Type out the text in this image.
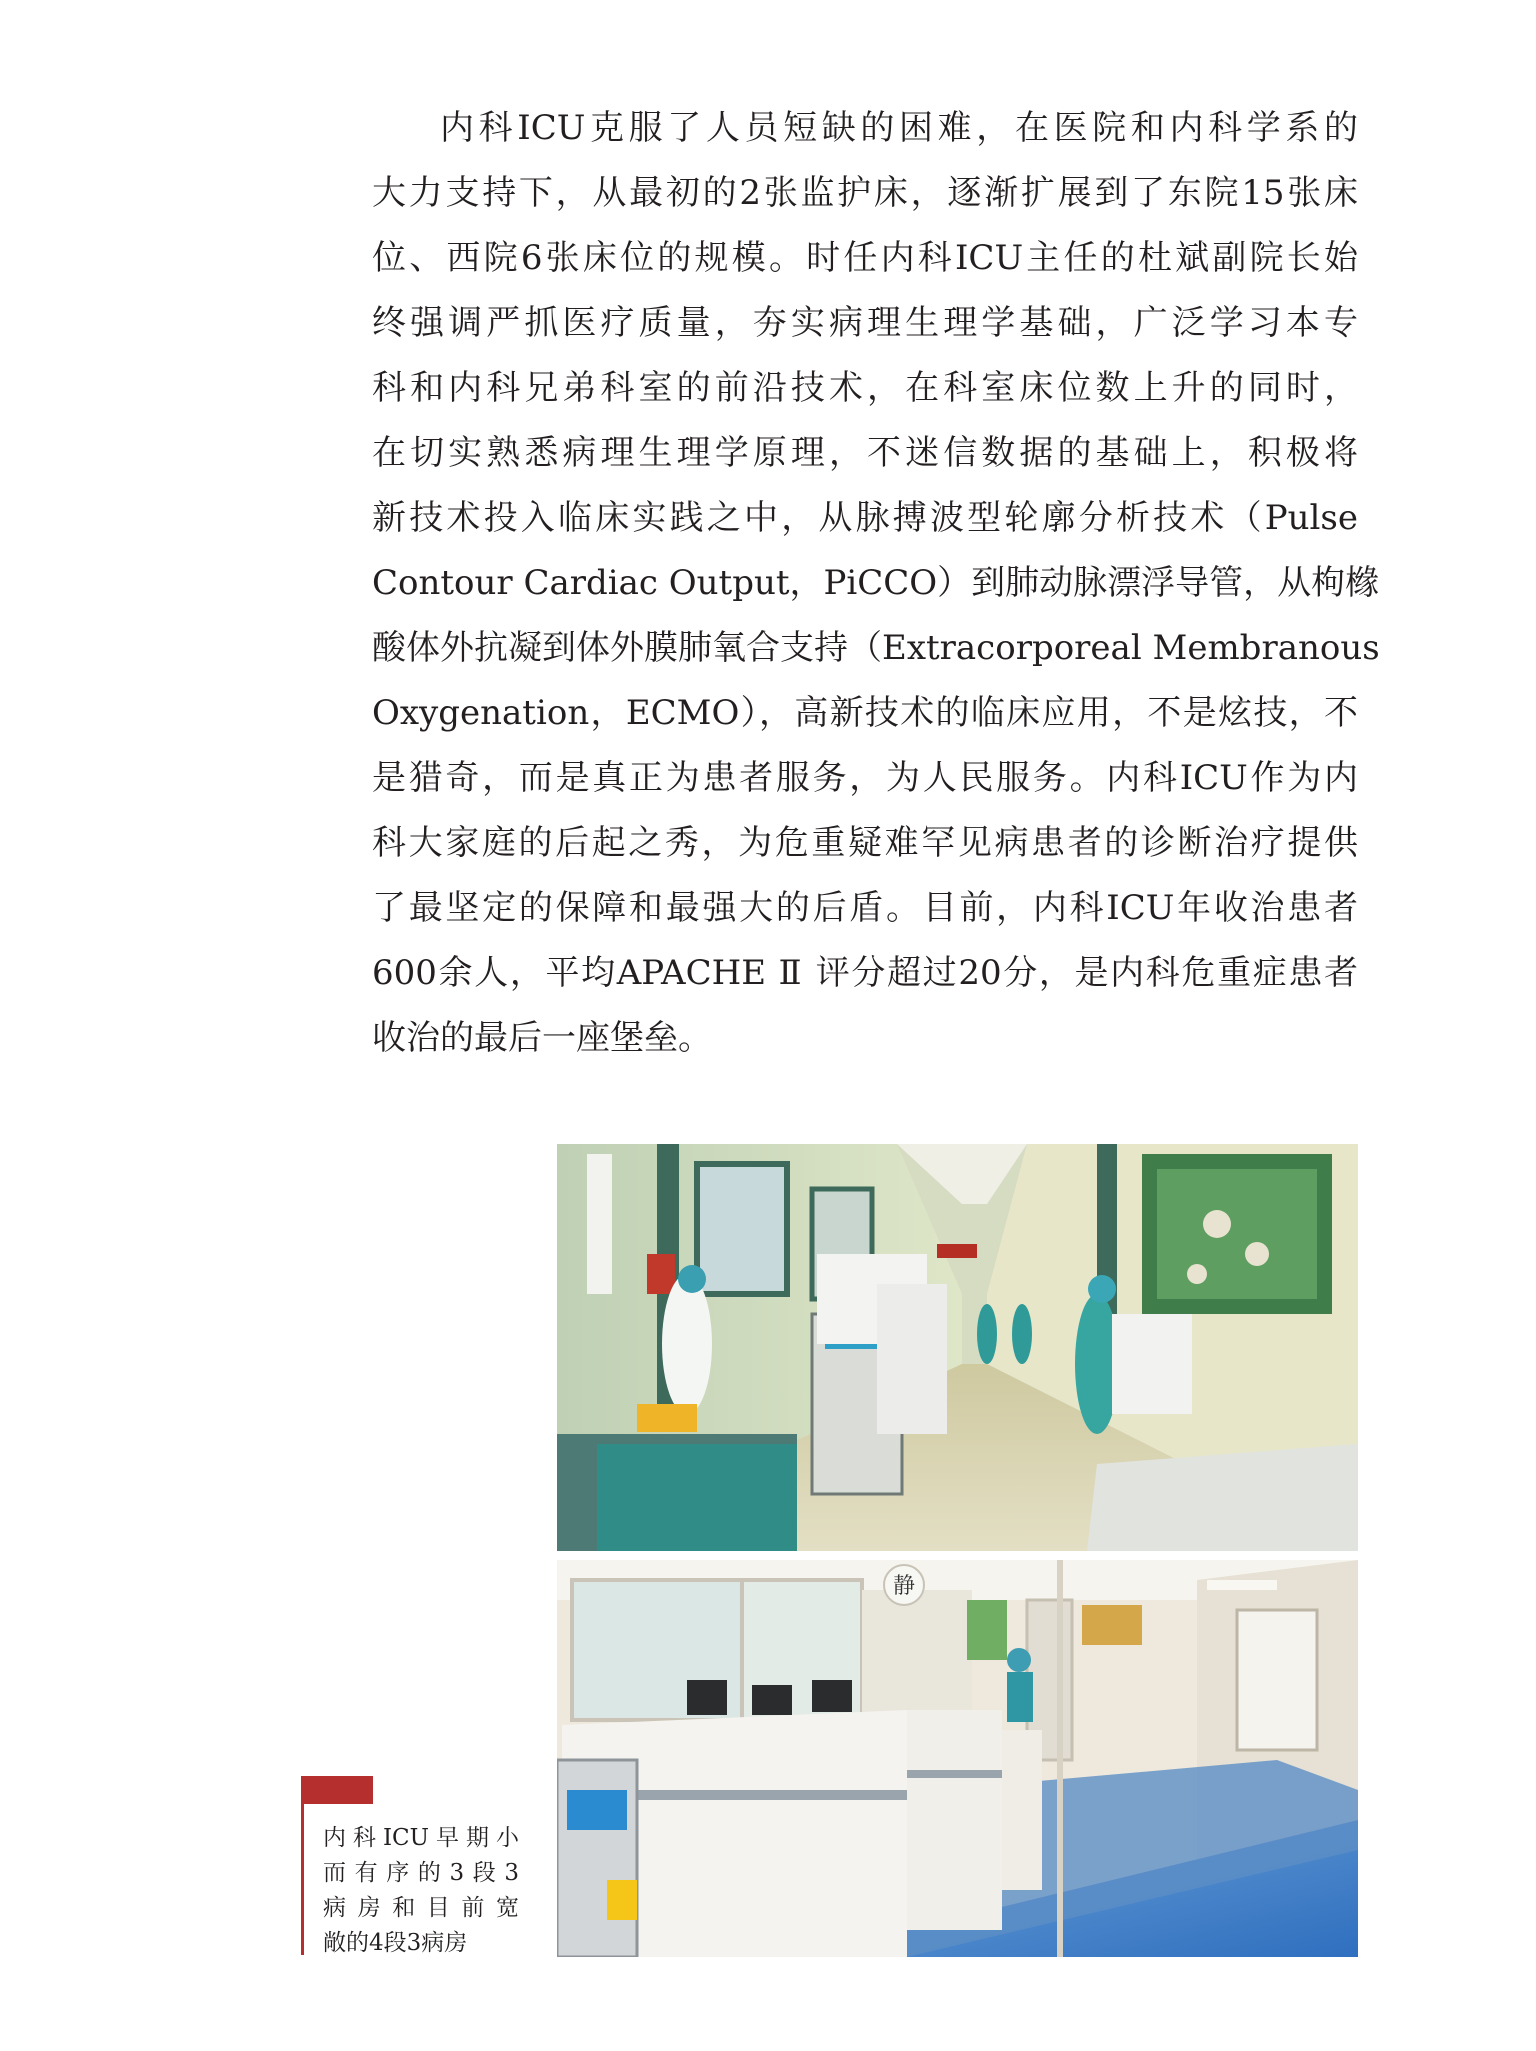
内科ICU克服了人员短缺的困难，在医院和内科学系的
大力支持下，从最初的2张监护床，逐渐扩展到了东院15张床
位、西院6张床位的规模。时任内科ICU主任的杜斌副院长始
终强调严抓医疗质量，夯实病理生理学基础，广泛学习本专
科和内科兄弟科室的前沿技术，在科室床位数上升的同时，
在切实熟悉病理生理学原理，不迷信数据的基础上，积极将
新技术投入临床实践之中，从脉搏波型轮廓分析技术（Pulse
Contour Cardiac Output，PiCCO）到肺动脉漂浮导管，从枸橼
酸体外抗凝到体外膜肺氧合支持（Extracorporeal Membranous
Oxygenation，ECMO），高新技术的临床应用，不是炫技，不
是猎奇，而是真正为患者服务，为人民服务。内科ICU作为内
科大家庭的后起之秀，为危重疑难罕见病患者的诊断治疗提供
了最坚定的保障和最强大的后盾。目前，内科ICU年收治患者
600余人，平均APACHE Ⅱ 评分超过20分，是内科危重症患者
收治的最后一座堡垒。
静
内科ICU早期小
而有序的3段3
病房和目前宽
敞的4段3病房
